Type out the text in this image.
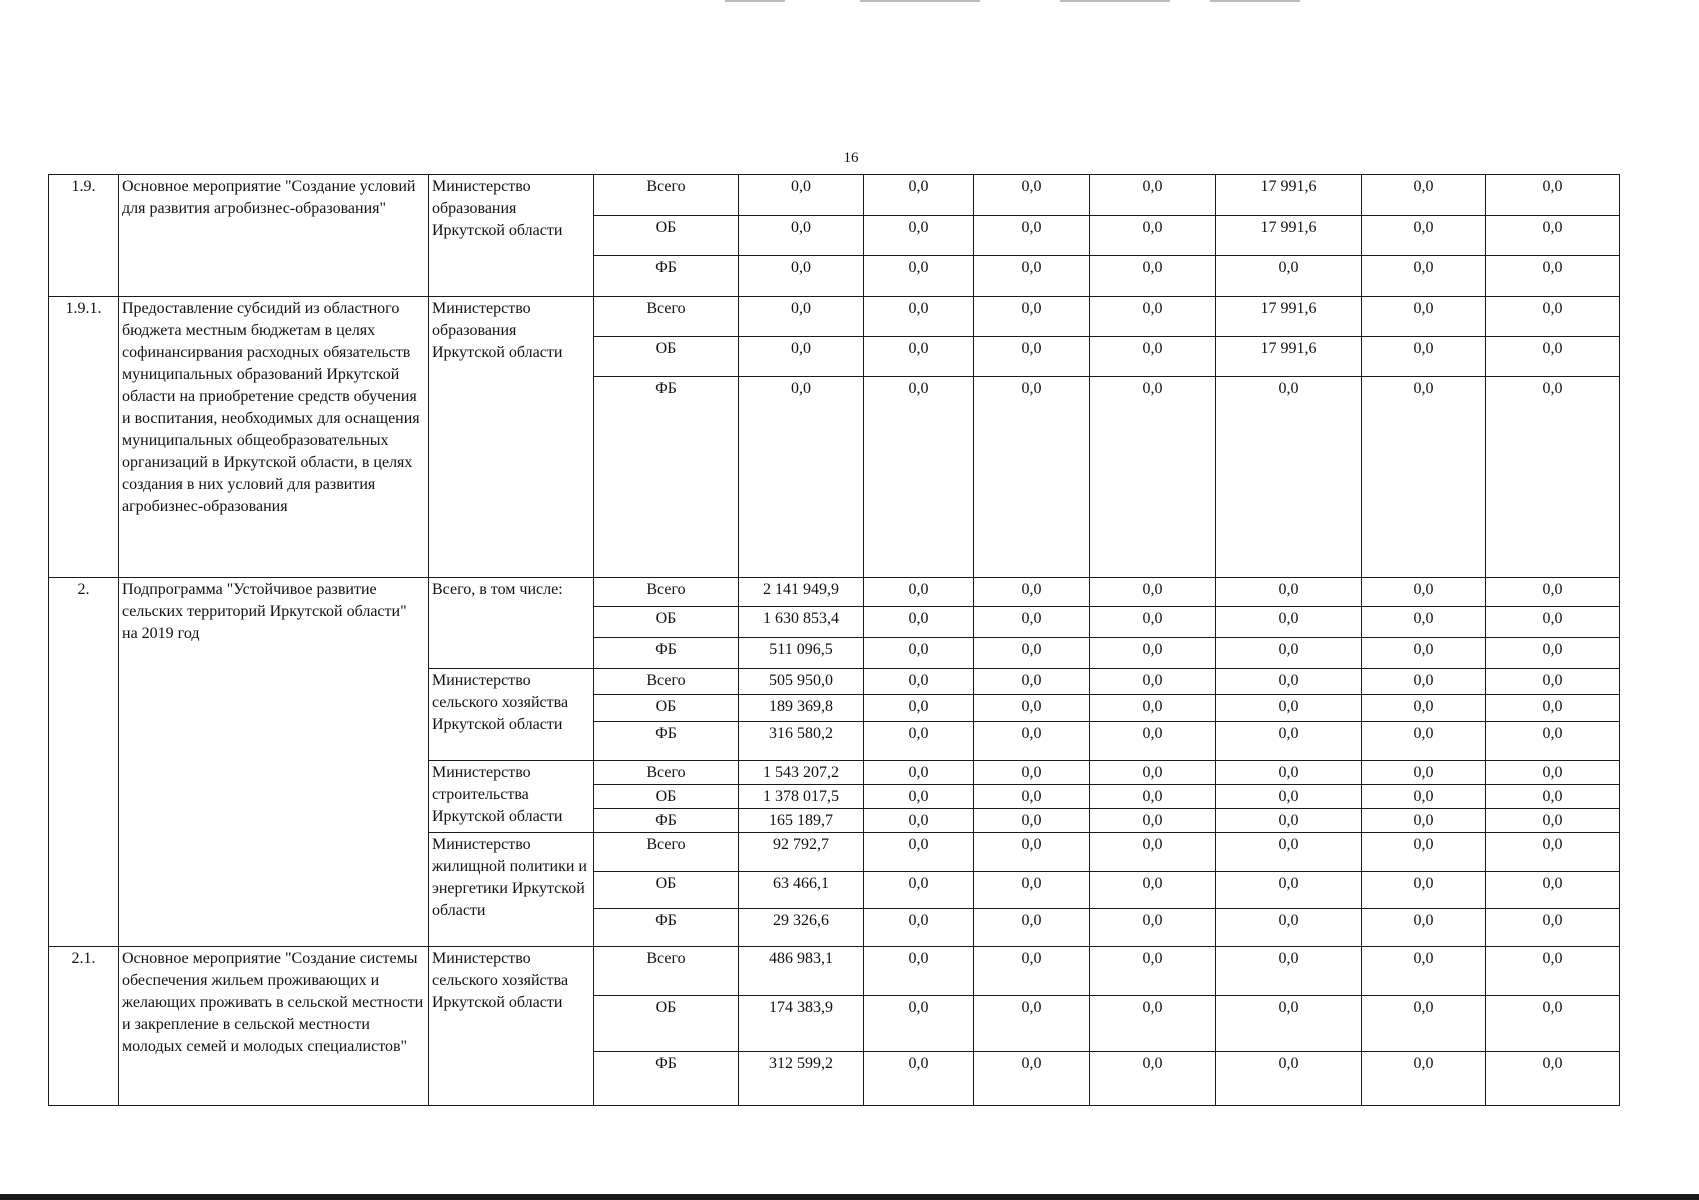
16
1.9.	Основное мероприятие "Создание условий для развития агробизнес-образования"	Министерство образования Иркутской области	Всего	0,0	0,0	0,0	0,0	17 991,6	0,0	0,0
			ОБ	0,0	0,0	0,0	0,0	17 991,6	0,0	0,0
			ФБ	0,0	0,0	0,0	0,0	0,0	0,0	0,0
1.9.1.	Предоставление субсидий из областного бюджета местным бюджетам в целях софинансирвания расходных обязательств муниципальных образований Иркутской области на приобретение средств обучения и воспитания, необходимых для оснащения муниципальных общеобразовательных организаций в Иркутской области, в целях создания в них условий для развития агробизнес-образования	Министерство образования Иркутской области	Всего	0,0	0,0	0,0	0,0	17 991,6	0,0	0,0
			ОБ	0,0	0,0	0,0	0,0	17 991,6	0,0	0,0
			ФБ	0,0	0,0	0,0	0,0	0,0	0,0	0,0
2.	Подпрограмма "Устойчивое развитие сельских территорий Иркутской области" на 2019 год	Всего, в том числе:	Всего	2 141 949,9	0,0	0,0	0,0	0,0	0,0	0,0
			ОБ	1 630 853,4	0,0	0,0	0,0	0,0	0,0	0,0
			ФБ	511 096,5	0,0	0,0	0,0	0,0	0,0	0,0
		Министерство сельского хозяйства Иркутской области	Всего	505 950,0	0,0	0,0	0,0	0,0	0,0	0,0
			ОБ	189 369,8	0,0	0,0	0,0	0,0	0,0	0,0
			ФБ	316 580,2	0,0	0,0	0,0	0,0	0,0	0,0
		Министерство строительства Иркутской области	Всего	1 543 207,2	0,0	0,0	0,0	0,0	0,0	0,0
			ОБ	1 378 017,5	0,0	0,0	0,0	0,0	0,0	0,0
			ФБ	165 189,7	0,0	0,0	0,0	0,0	0,0	0,0
		Министерство жилищной политики и энергетики Иркутской области	Всего	92 792,7	0,0	0,0	0,0	0,0	0,0	0,0
			ОБ	63 466,1	0,0	0,0	0,0	0,0	0,0	0,0
			ФБ	29 326,6	0,0	0,0	0,0	0,0	0,0	0,0
2.1.	Основное мероприятие "Создание системы обеспечения жильем проживающих и желающих проживать в сельской местности и закрепление в сельской местности молодых семей и молодых специалистов"	Министерство сельского хозяйства Иркутской области	Всего	486 983,1	0,0	0,0	0,0	0,0	0,0	0,0
			ОБ	174 383,9	0,0	0,0	0,0	0,0	0,0	0,0
			ФБ	312 599,2	0,0	0,0	0,0	0,0	0,0	0,0
